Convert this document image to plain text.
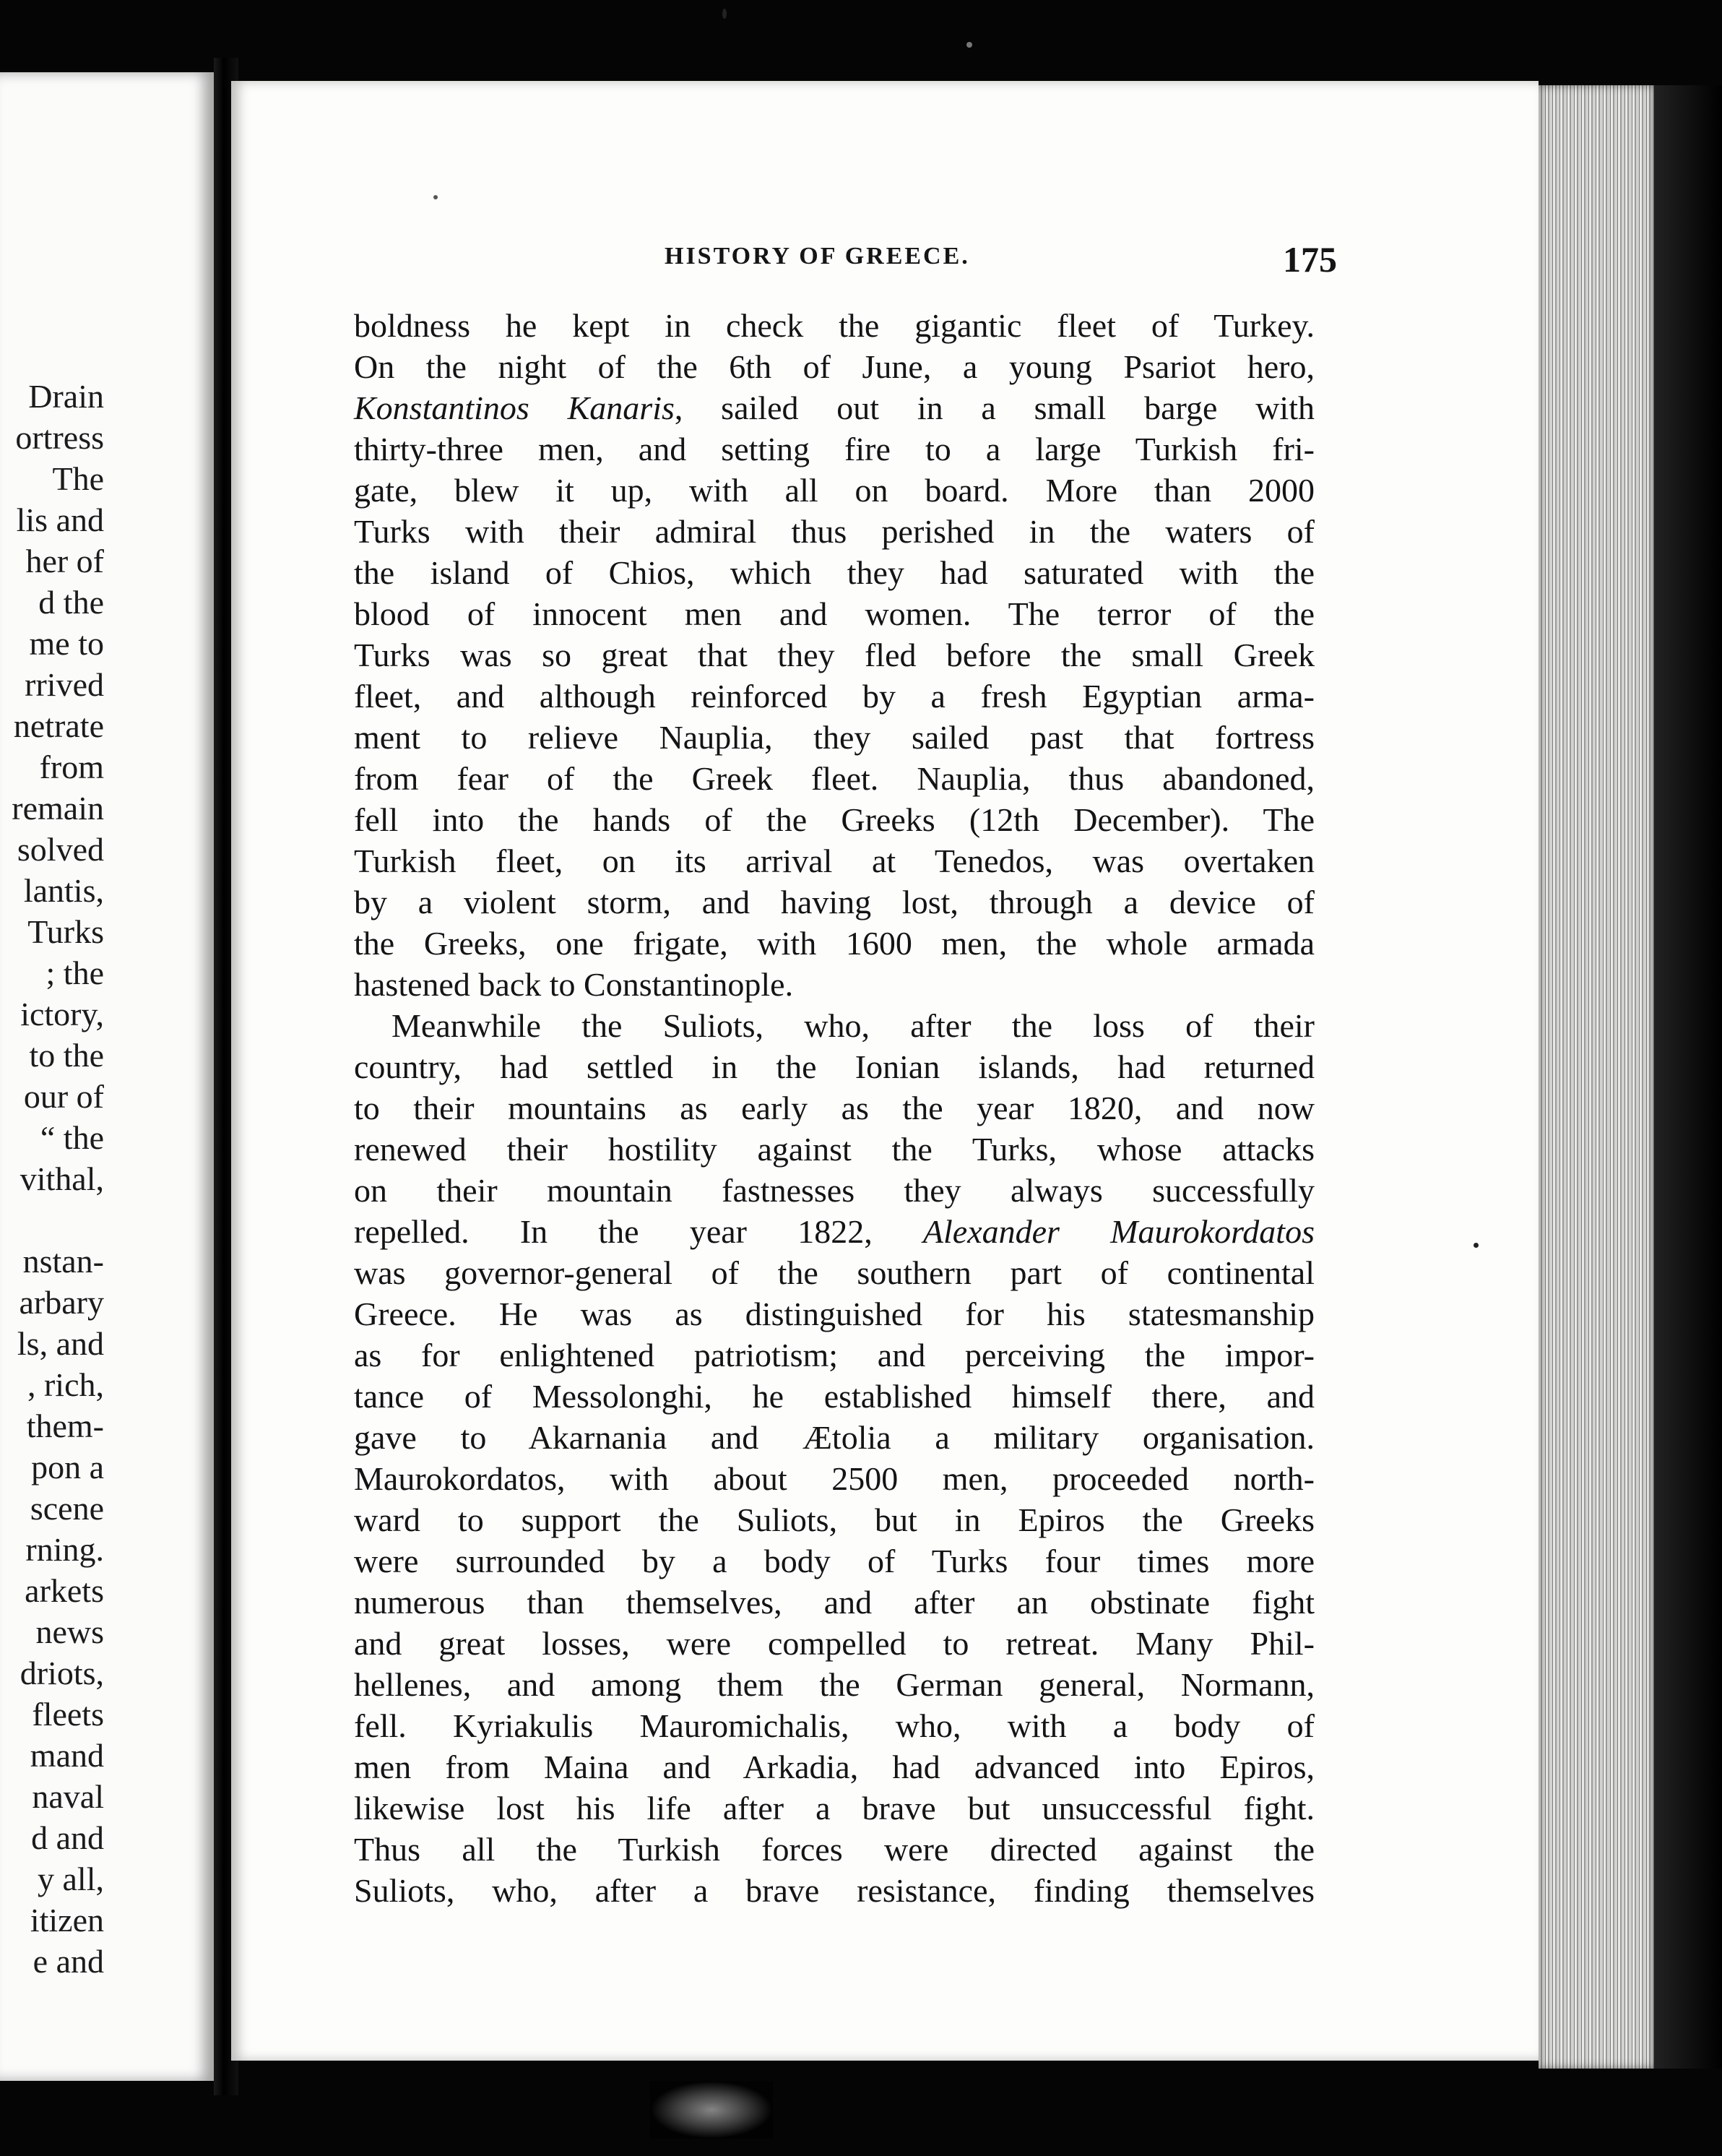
Drain
ortress
The
lis and
her of
d the
me to
rrived
netrate
from
remain
solved
lantis,
Turks
; the
ictory,
to the
our of
“ the
vithal,
nstan-
arbary
ls, and
, rich,
them-
pon a
scene
rning.
arkets
news
driots,
fleets
mand
naval
d and
y all,
itizen
e and
HISTORY OF GREECE.	175
boldness he kept in check the gigantic fleet of Turkey.
On the night of the 6th of June, a young Psariot hero,
Konstantinos Kanaris, sailed out in a small barge with
thirty-three men, and setting fire to a large Turkish fri-
gate, blew it up, with all on board. More than 2000
Turks with their admiral thus perished in the waters of
the island of Chios, which they had saturated with the
blood of innocent men and women. The terror of the
Turks was so great that they fled before the small Greek
fleet, and although reinforced by a fresh Egyptian arma-
ment to relieve Nauplia, they sailed past that fortress
from fear of the Greek fleet. Nauplia, thus abandoned,
fell into the hands of the Greeks (12th December). The
Turkish fleet, on its arrival at Tenedos, was overtaken
by a violent storm, and having lost, through a device of
the Greeks, one frigate, with 1600 men, the whole armada
hastened back to Constantinople.
Meanwhile the Suliots, who, after the loss of their
country, had settled in the Ionian islands, had returned
to their mountains as early as the year 1820, and now
renewed their hostility against the Turks, whose attacks
on their mountain fastnesses they always successfully
repelled. In the year 1822, Alexander Maurokordatos
was governor-general of the southern part of continental
Greece. He was as distinguished for his statesmanship
as for enlightened patriotism; and perceiving the impor-
tance of Messolonghi, he established himself there, and
gave to Akarnania and Ætolia a military organisation.
Maurokordatos, with about 2500 men, proceeded north-
ward to support the Suliots, but in Epiros the Greeks
were surrounded by a body of Turks four times more
numerous than themselves, and after an obstinate fight
and great losses, were compelled to retreat. Many Phil-
hellenes, and among them the German general, Normann,
fell. Kyriakulis Mauromichalis, who, with a body of
men from Maina and Arkadia, had advanced into Epiros,
likewise lost his life after a brave but unsuccessful fight.
Thus all the Turkish forces were directed against the
Suliots, who, after a brave resistance, finding themselves
